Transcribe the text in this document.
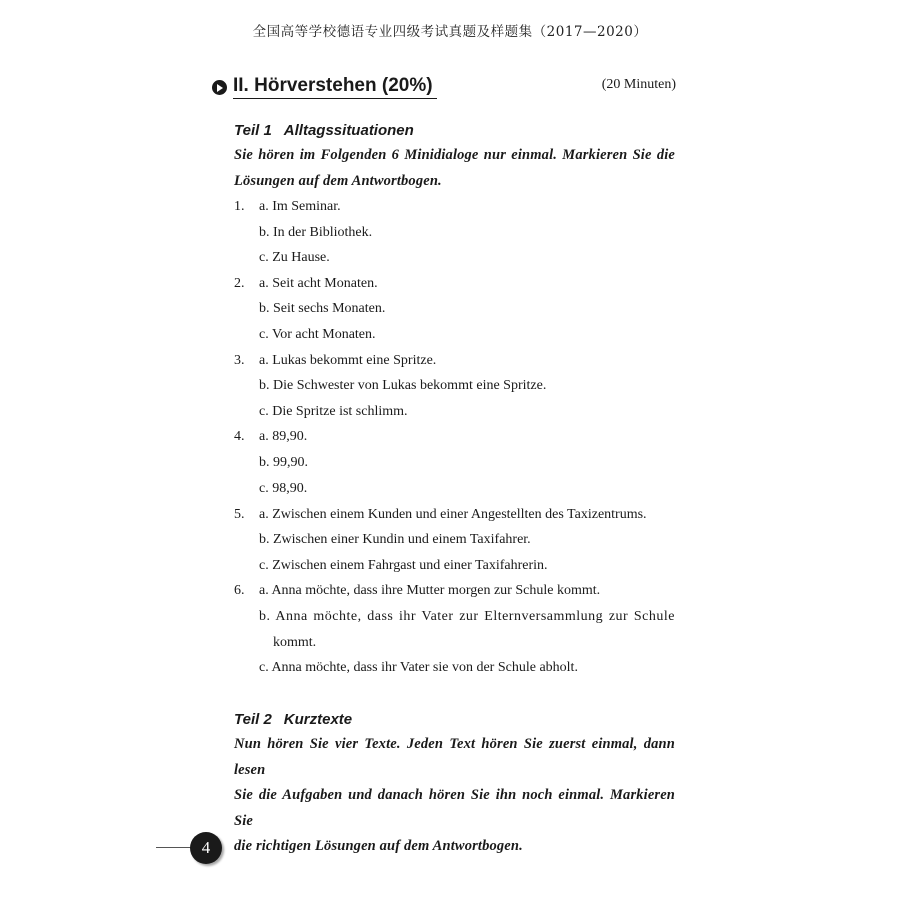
全国高等学校德语专业四级考试真题及样题集（2017—2020）
II. Hörverstehen (20%)	(20 Minuten)
Teil 1 Alltagssituationen
Sie hören im Folgenden 6 Minidialoge nur einmal. Markieren Sie die
Lösungen auf dem Antwortbogen.
1. a. Im Seminar.
b. In der Bibliothek.
c. Zu Hause.
2. a. Seit acht Monaten.
b. Seit sechs Monaten.
c. Vor acht Monaten.
3. a. Lukas bekommt eine Spritze.
b. Die Schwester von Lukas bekommt eine Spritze.
c. Die Spritze ist schlimm.
4. a. 89,90.
b. 99,90.
c. 98,90.
5. a. Zwischen einem Kunden und einer Angestellten des Taxizentrums.
b. Zwischen einer Kundin und einem Taxifahrer.
c. Zwischen einem Fahrgast und einer Taxifahrerin.
6. a. Anna möchte, dass ihre Mutter morgen zur Schule kommt.
b. Anna möchte, dass ihr Vater zur Elternversammlung zur Schule
kommt.
c. Anna möchte, dass ihr Vater sie von der Schule abholt.
Teil 2 Kurztexte
Nun hören Sie vier Texte. Jeden Text hören Sie zuerst einmal, dann lesen
Sie die Aufgaben und danach hören Sie ihn noch einmal. Markieren Sie
die richtigen Lösungen auf dem Antwortbogen.
4
